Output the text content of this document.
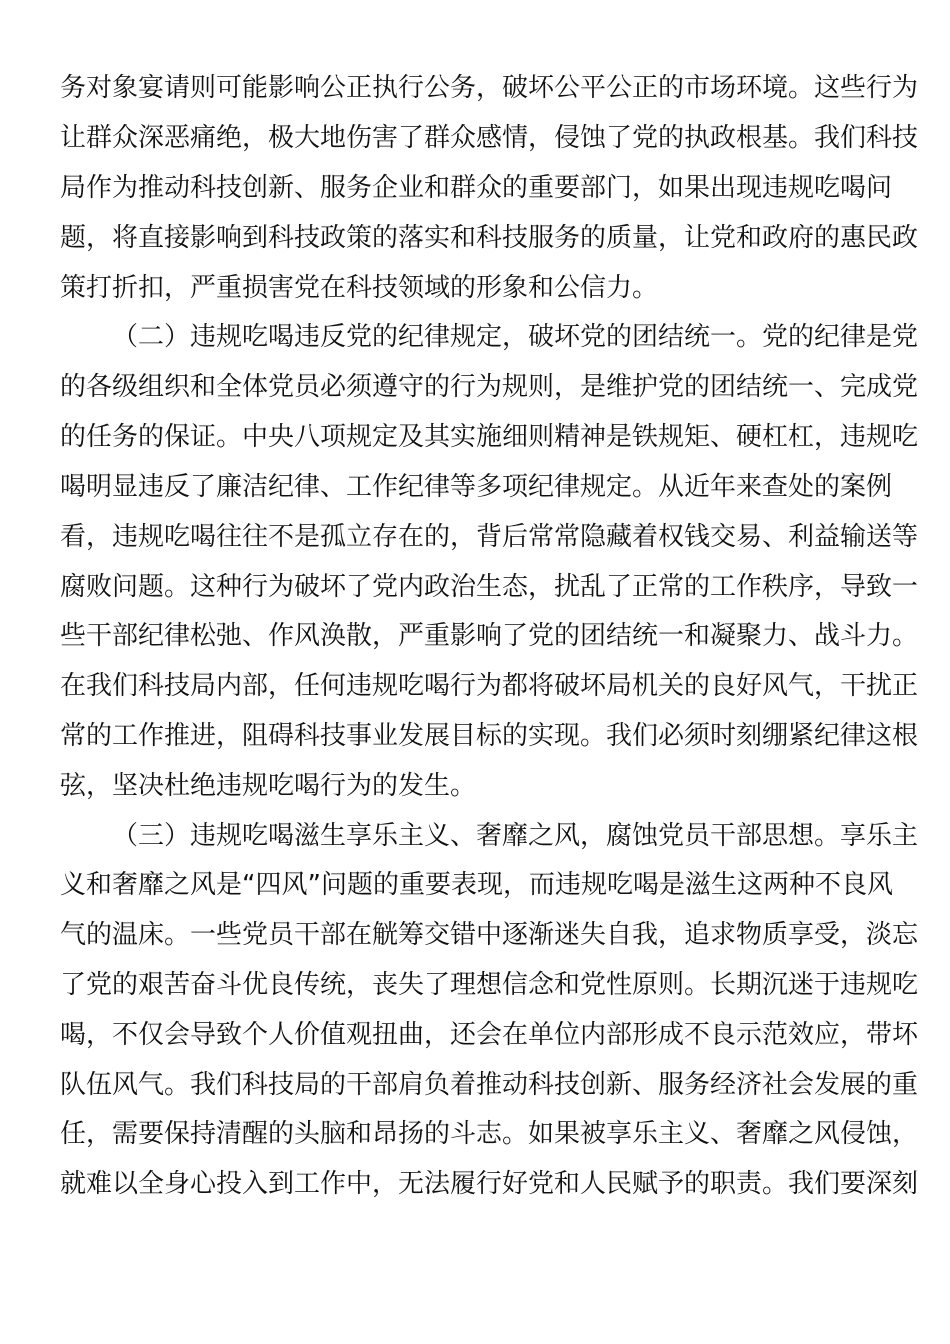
务对象宴请则可能影响公正执行公务，破坏公平公正的市场环境。这些行为
让群众深恶痛绝，极大地伤害了群众感情，侵蚀了党的执政根基。我们科技
局作为推动科技创新、服务企业和群众的重要部门，如果出现违规吃喝问
题，将直接影响到科技政策的落实和科技服务的质量，让党和政府的惠民政
策打折扣，严重损害党在科技领域的形象和公信力。
（二）违规吃喝违反党的纪律规定，破坏党的团结统一。党的纪律是党
的各级组织和全体党员必须遵守的行为规则，是维护党的团结统一、完成党
的任务的保证。中央八项规定及其实施细则精神是铁规矩、硬杠杠，违规吃
喝明显违反了廉洁纪律、工作纪律等多项纪律规定。从近年来查处的案例
看，违规吃喝往往不是孤立存在的，背后常常隐藏着权钱交易、利益输送等
腐败问题。这种行为破坏了党内政治生态，扰乱了正常的工作秩序，导致一
些干部纪律松弛、作风涣散，严重影响了党的团结统一和凝聚力、战斗力。
在我们科技局内部，任何违规吃喝行为都将破坏局机关的良好风气，干扰正
常的工作推进，阻碍科技事业发展目标的实现。我们必须时刻绷紧纪律这根
弦，坚决杜绝违规吃喝行为的发生。
（三）违规吃喝滋生享乐主义、奢靡之风，腐蚀党员干部思想。享乐主
义和奢靡之风是“四风”问题的重要表现，而违规吃喝是滋生这两种不良风
气的温床。一些党员干部在觥筹交错中逐渐迷失自我，追求物质享受，淡忘
了党的艰苦奋斗优良传统，丧失了理想信念和党性原则。长期沉迷于违规吃
喝，不仅会导致个人价值观扭曲，还会在单位内部形成不良示范效应，带坏
队伍风气。我们科技局的干部肩负着推动科技创新、服务经济社会发展的重
任，需要保持清醒的头脑和昂扬的斗志。如果被享乐主义、奢靡之风侵蚀，
就难以全身心投入到工作中，无法履行好党和人民赋予的职责。我们要深刻
